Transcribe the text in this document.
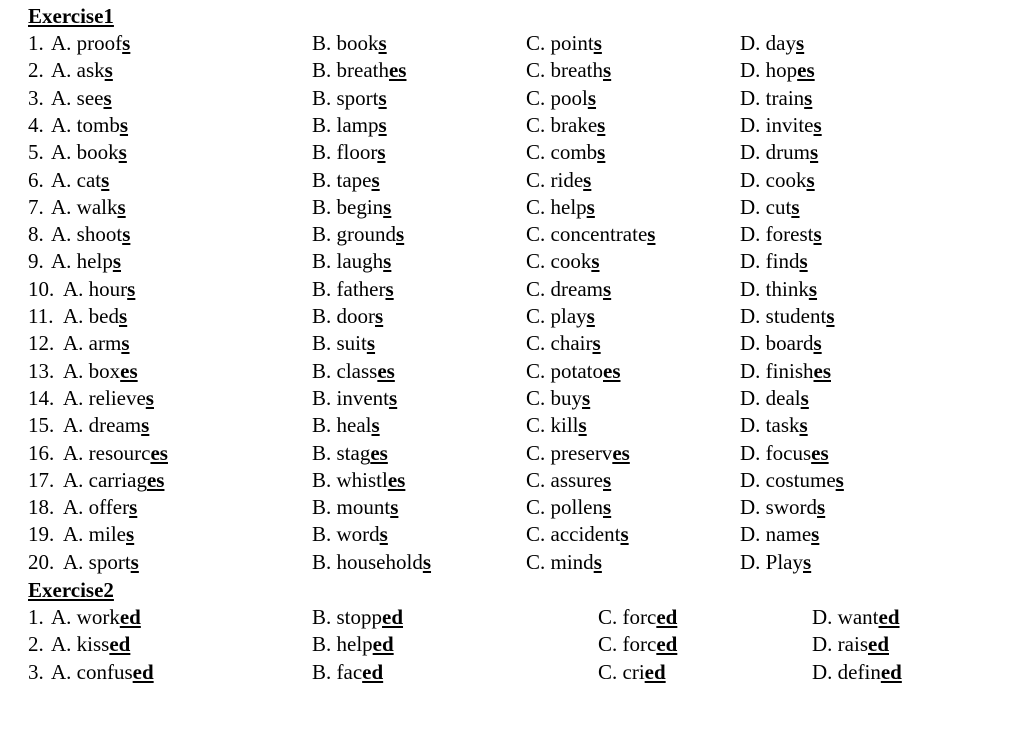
Exercise1
1. A. proofs	B. books	C. points	D. days
2. A. asks	B. breathes	C. breaths	D. hopes
3. A. sees	B. sports	C. pools	D. trains
4. A. tombs	B. lamps	C. brakes	D. invites
5. A. books	B. floors	C. combs	D. drums
6. A. cats	B. tapes	C. rides	D. cooks
7. A. walks	B. begins	C. helps	D. cuts
8. A. shoots	B. grounds	C. concentrates	D. forests
9. A. helps	B. laughs	C. cooks	D. finds
10. A. hours	B. fathers	C. dreams	D. thinks
11. A. beds	B. doors	C. plays	D. students
12. A. arms	B. suits	C. chairs	D. boards
13. A. boxes	B. classes	C. potatoes	D. finishes
14. A. relieves	B. invents	C. buys	D. deals
15. A. dreams	B. heals	C. kills	D. tasks
16. A. resources	B. stages	C. preserves	D. focuses
17. A. carriages	B. whistles	C. assures	D. costumes
18. A. offers	B. mounts	C. pollens	D. swords
19. A. miles	B. words	C. accidents	D. names
20. A. sports	B. households	C. minds	D. Plays
Exercise2
1. A. worked	B. stopped	C. forced	D. wanted
2. A. kissed	B. helped	C. forced	D. raised
3. A. confused	B. faced	C. cried	D. defined
